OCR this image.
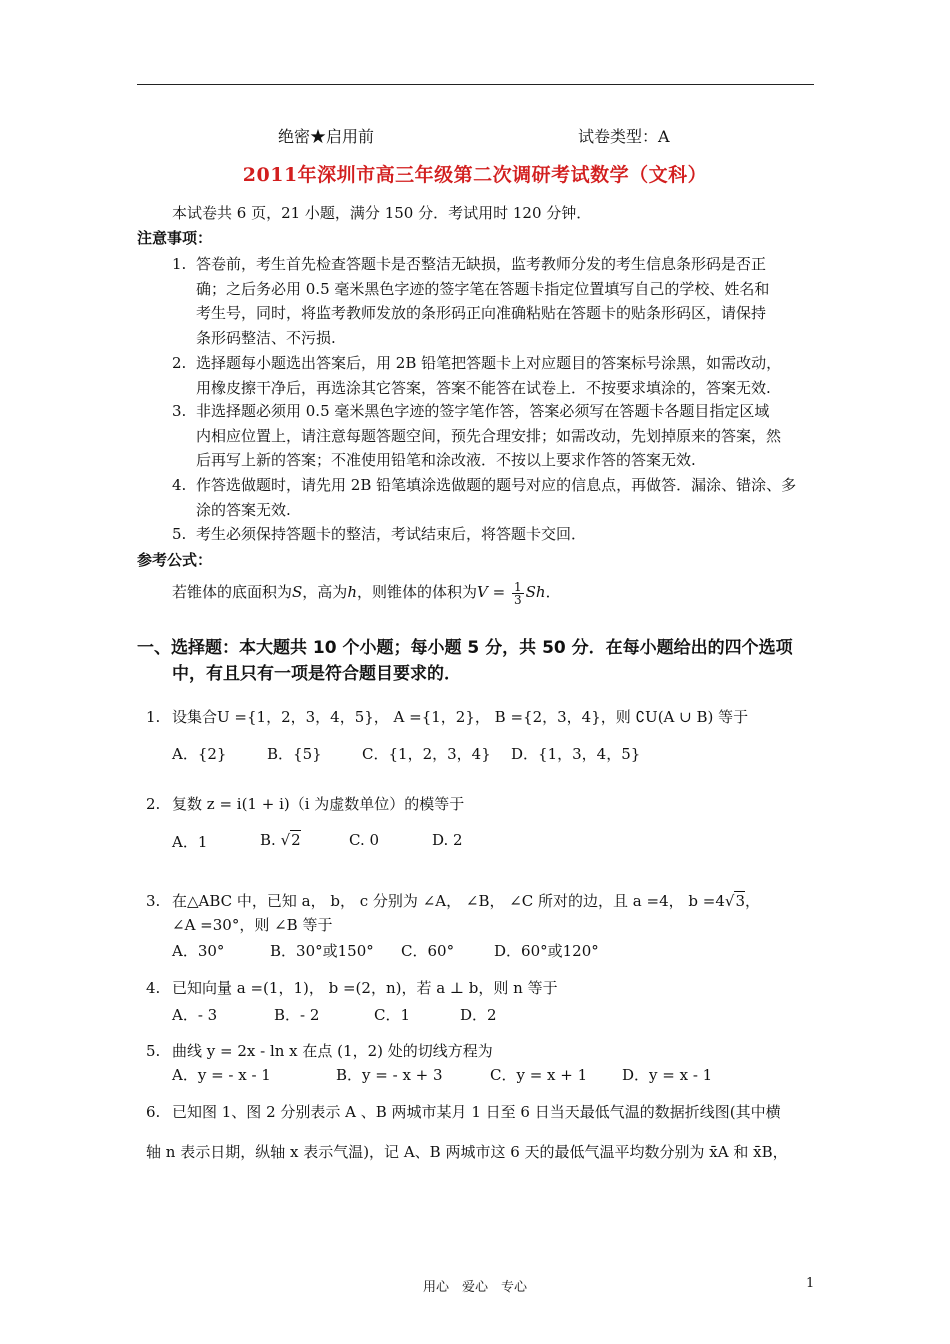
绝密★启用前	试卷类型：A
2011年深圳市高三年级第二次调研考试数学（文科）
本试卷共 6 页，21 小题，满分 150 分．考试用时 120 分钟．
注意事项：
1. 答卷前，考生首先检查答题卡是否整洁无缺损，监考教师分发的考生信息条形码是否正
确；之后务必用 0.5 毫米黑色字迹的签字笔在答题卡指定位置填写自己的学校、姓名和
考生号，同时，将监考教师发放的条形码正向准确粘贴在答题卡的贴条形码区，请保持
条形码整洁、不污损.
2. 选择题每小题选出答案后，用 2B 铅笔把答题卡上对应题目的答案标号涂黑，如需改动，
用橡皮擦干净后，再选涂其它答案，答案不能答在试卷上．不按要求填涂的，答案无效.
3. 非选择题必须用 0.5 毫米黑色字迹的签字笔作答，答案必须写在答题卡各题目指定区域
内相应位置上，请注意每题答题空间，预先合理安排；如需改动，先划掉原来的答案，然
后再写上新的答案；不准使用铅笔和涂改液．不按以上要求作答的答案无效.
4. 作答选做题时，请先用 2B 铅笔填涂选做题的题号对应的信息点，再做答．漏涂、错涂、多
涂的答案无效.
5. 考生必须保持答题卡的整洁，考试结束后，将答题卡交回．
参考公式：
若锥体的底面积为S，高为h，则锥体的体积为$V = \frac{1}{3}$ Sh．
一、选择题：本大题共 10 个小题；每小题 5 分，共 50 分．在每小题给出的四个选项
中，有且只有一项是符合题目要求的．
1. 设集合U ={1，2，3，4，5}， A ={1，2}， B ={2，3，4}，则 ∁U(A ∪ B) 等于
A．{2}	B．{5}	C．{1，2，3，4} D．{1，3，4，5}
2. 复数 z = i(1 + i)（i 为虚数单位）的模等于
A．1	B. √2	C. 0	D. 2
3. 在△ABC 中，已知 a， b， c 分别为 ∠A， ∠B， ∠C 所对的边，且 a =4， b =4√3，
∠A =30°，则 ∠B 等于
A．30°	B．30°或150° C．60°	D．60°或120°
4. 已知向量 a =(1，1)， b =(2，n)，若 a ⊥ b，则 n 等于
A．- 3	B．- 2	C．1	D．2
5. 曲线 y = 2x - ln x 在点 (1，2) 处的切线方程为
A．y = - x - 1	B．y = - x + 3	C．y = x + 1 D．y = x - 1
6. 已知图 1、图 2 分别表示 A 、B 两城市某月 1 日至 6 日当天最低气温的数据折线图(其中横
轴 n 表示日期，纵轴 x 表示气温)，记 A、B 两城市这 6 天的最低气温平均数分别为 x̄A 和 x̄B，
用心　爱心　专心	1
